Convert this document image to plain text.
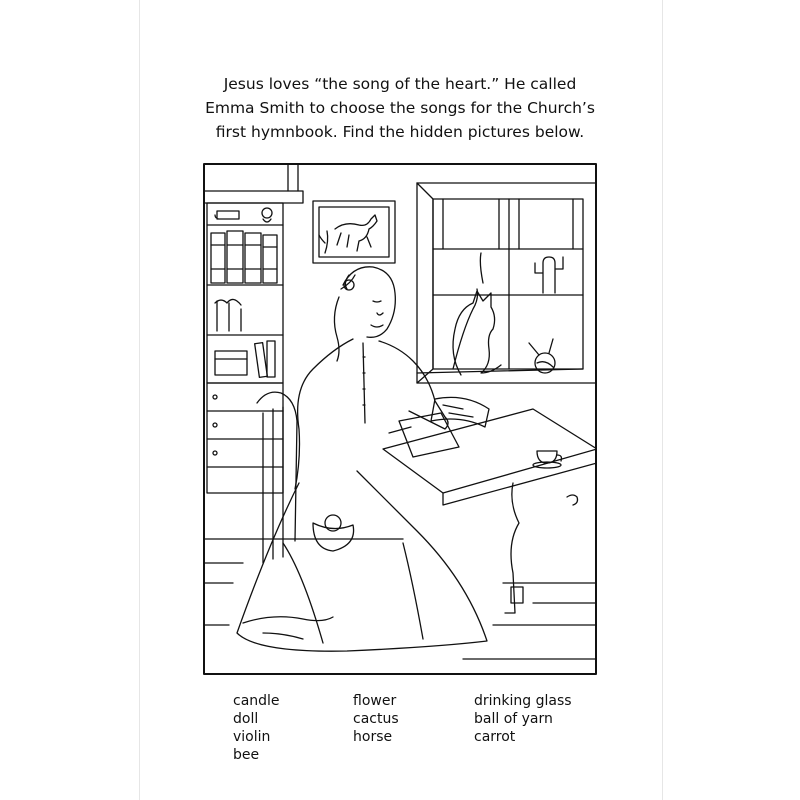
Jesus loves “the song of the heart.” He called
Emma Smith to choose the songs for the Church’s
first hymnbook. Find the hidden pictures below.
candle
doll
violin
bee
flower
cactus
horse
drinking glass
ball of yarn
carrot
